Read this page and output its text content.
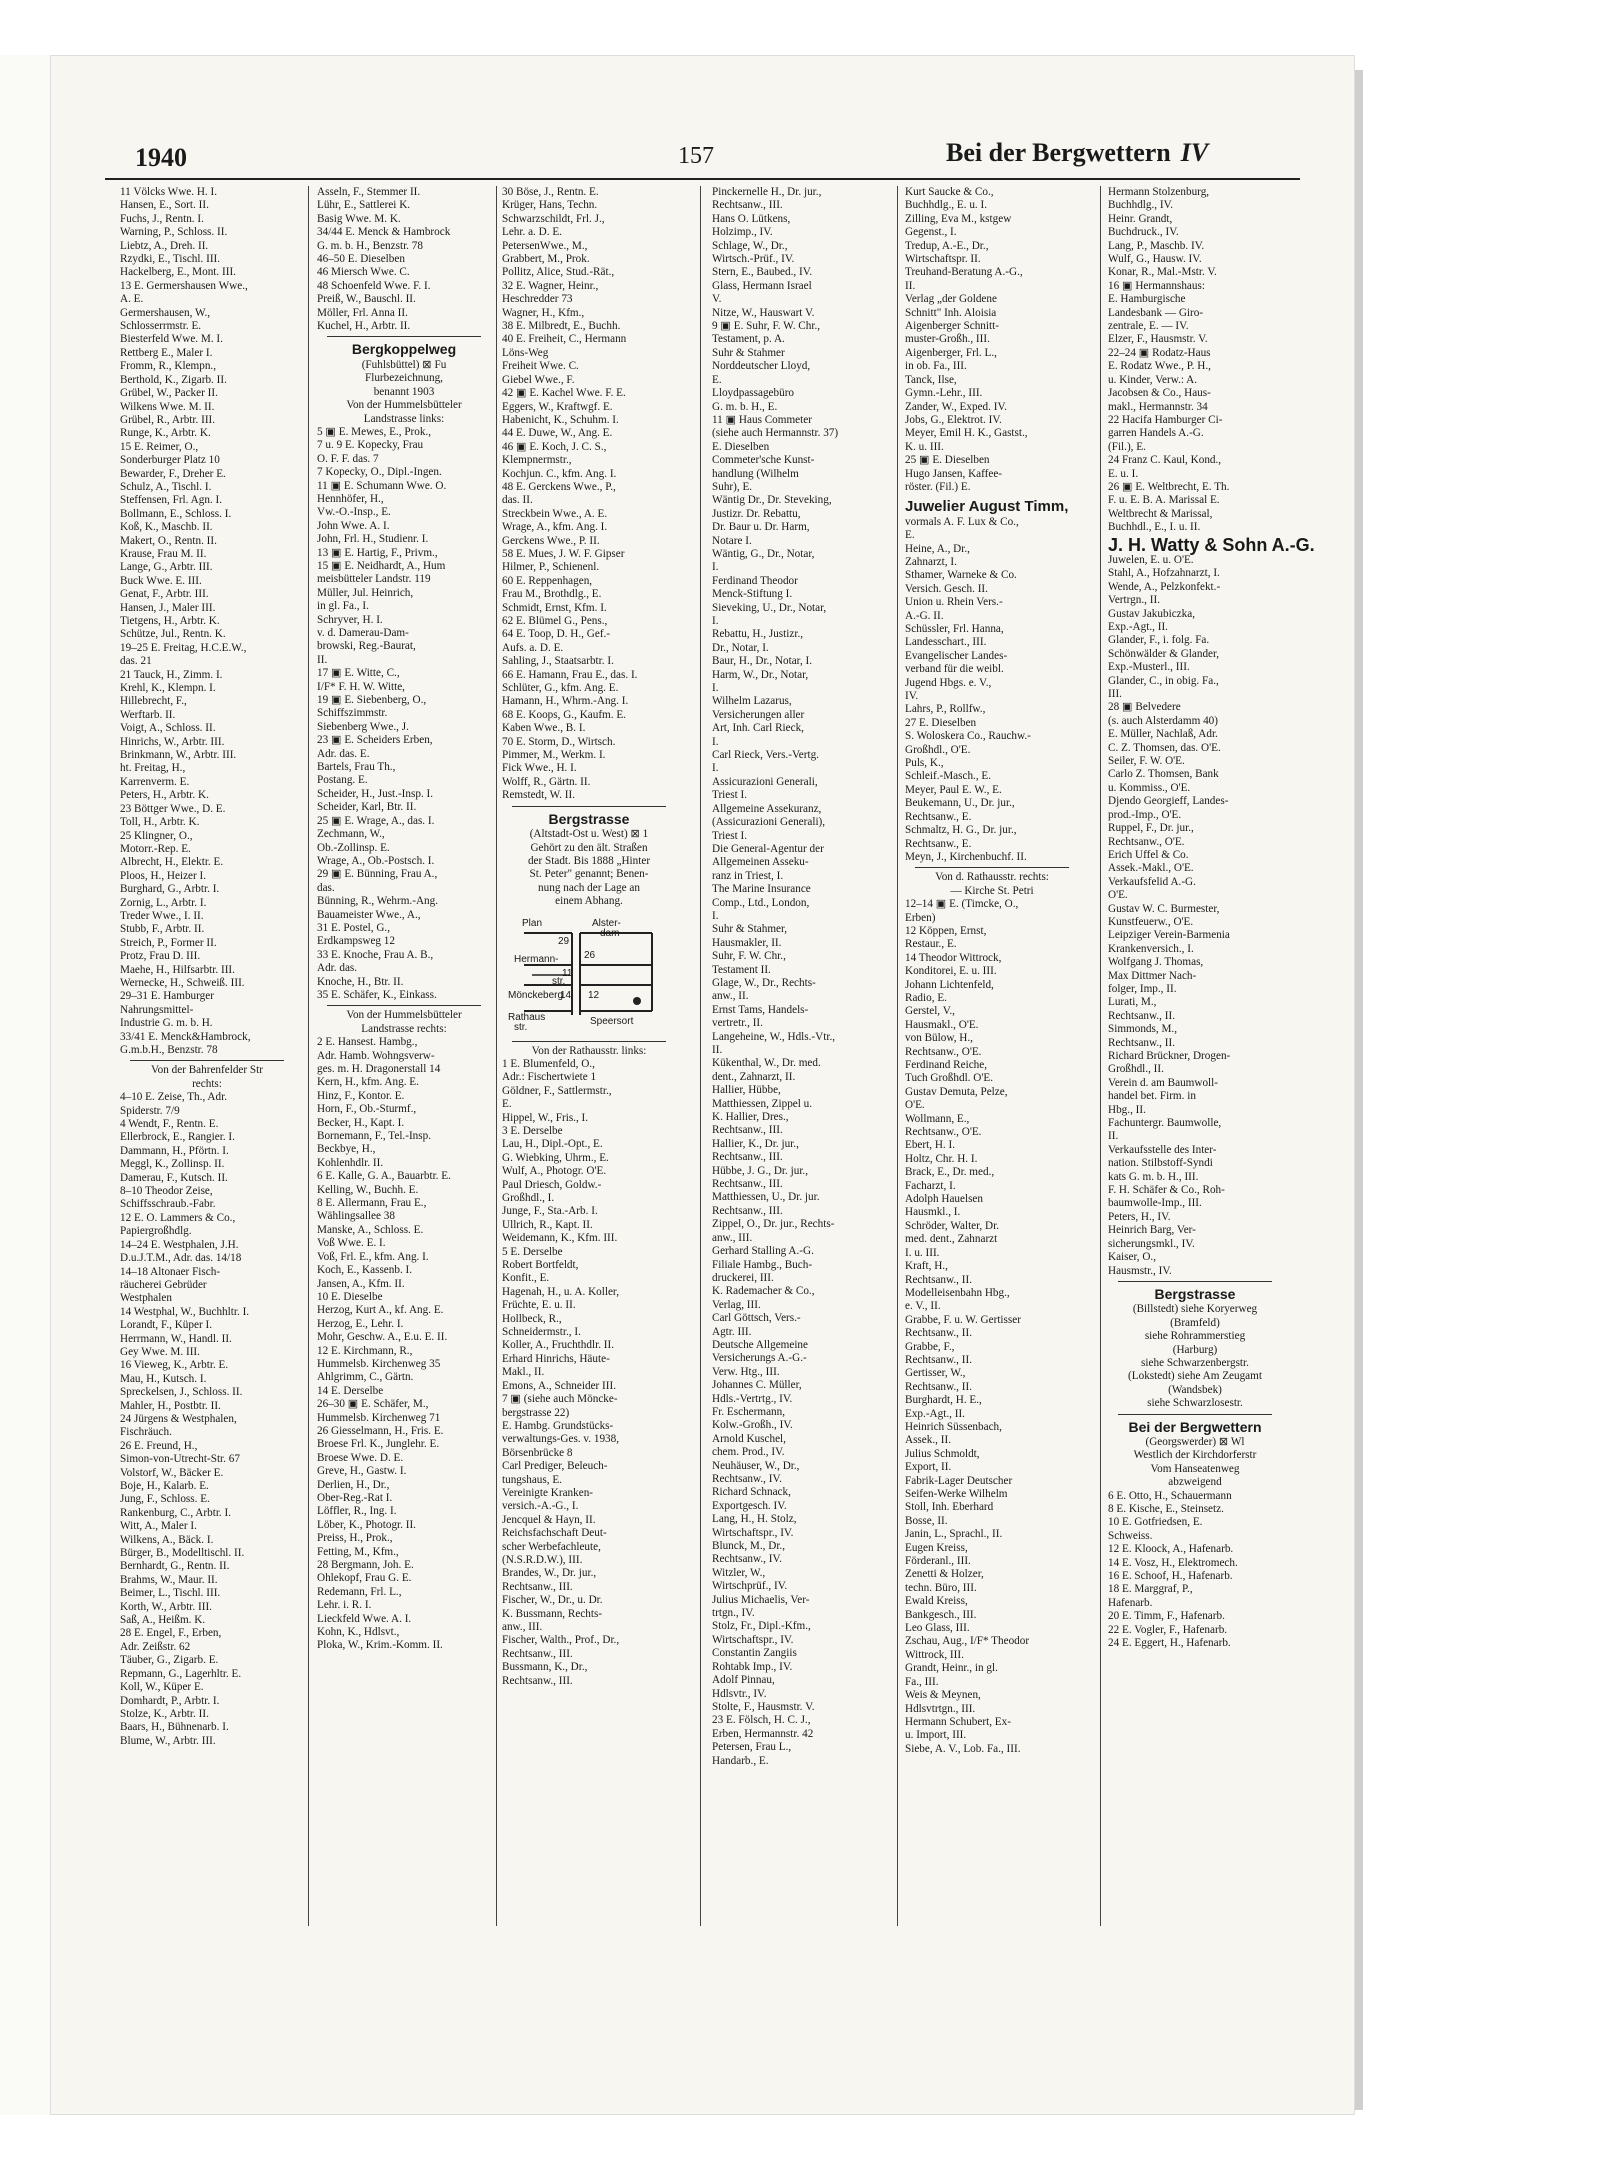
1940	157	Bei der Bergwettern IV
11 Völcks Wwe. H. I.
Hansen, E., Sort. II.
Fuchs, J., Rentn. I.
Warning, P., Schloss. II.
Liebtz, A., Dreh. II.
Rzydki, E., Tischl. III.
Hackelberg, E., Mont. III.
13 E. Germershausen Wwe.,
A. E.
Germershausen, W.,
Schlosserrmstr. E.
Biesterfeld Wwe. M. I.
Rettberg E., Maler I.
Fromm, R., Klempn.,
Berthold, K., Zigarb. II.
Grübel, W., Packer II.
Wilkens Wwe. M. II.
Grübel, R., Arbtr. III.
Runge, K., Arbtr. K.
15 E. Reimer, O.,
Sonderburger Platz 10
Bewarder, F., Dreher E.
Schulz, A., Tischl. I.
Steffensen, Frl. Agn. I.
Bollmann, E., Schloss. I.
Koß, K., Maschb. II.
Makert, O., Rentn. II.
Krause, Frau M. II.
Lange, G., Arbtr. III.
Buck Wwe. E. III.
Genat, F., Arbtr. III.
Hansen, J., Maler III.
Tietgens, H., Arbtr. K.
Schütze, Jul., Rentn. K.
19–25 E. Freitag, H.C.E.W.,
das. 21
21 Tauck, H., Zimm. I.
Krehl, K., Klempn. I.
Hillebrecht, F.,
Werftarb. II.
Voigt, A., Schloss. II.
Hinrichs, W., Arbtr. III.
Brinkmann, W., Arbtr. III.
ht. Freitag, H.,
Karrenverm. E.
Peters, H., Arbtr. K.
23 Böttger Wwe., D. E.
Toll, H., Arbtr. K.
25 Klingner, O.,
Motorr.-Rep. E.
Albrecht, H., Elektr. E.
Ploos, H., Heizer I.
Burghard, G., Arbtr. I.
Zornig, L., Arbtr. I.
Treder Wwe., I. II.
Stubb, F., Arbtr. II.
Streich, P., Former II.
Protz, Frau D. III.
Maehe, H., Hilfsarbtr. III.
Wernecke, H., Schweiß. III.
29–31 E. Hamburger
Nahrungsmittel-
Industrie G. m. b. H.
33/41 E. Menck&Hambrock,
G.m.b.H., Benzstr. 78
Von der Bahrenfelder Str
rechts:
4–10 E. Zeise, Th., Adr.
Spiderstr. 7/9
4 Wendt, F., Rentn. E.
Ellerbrock, E., Rangier. I.
Dammann, H., Pförtn. I.
Meggl, K., Zollinsp. II.
Damerau, F., Kutsch. II.
8–10 Theodor Zeise,
Schiffsschraub.-Fabr.
12 E. O. Lammers & Co.,
Papiergroßhdlg.
14–24 E. Westphalen, J.H.
D.u.J.T.M., Adr. das. 14/18
14–18 Altonaer Fisch-
räucherei Gebrüder
Westphalen
14 Westphal, W., Buchhltr. I.
Lorandt, F., Küper I.
Herrmann, W., Handl. II.
Gey Wwe. M. III.
16 Vieweg, K., Arbtr. E.
Mau, H., Kutsch. I.
Spreckelsen, J., Schloss. II.
Mahler, H., Postbtr. II.
24 Jürgens & Westphalen,
Fischräuch.
26 E. Freund, H.,
Simon-von-Utrecht-Str. 67
Volstorf, W., Bäcker E.
Boje, H., Kalarb. E.
Jung, F., Schloss. E.
Rankenburg, C., Arbtr. I.
Witt, A., Maler I.
Wilkens, A., Bäck. I.
Bürger, B., Modelltischl. II.
Bernhardt, G., Rentn. II.
Brahms, W., Maur. II.
Beimer, L., Tischl. III.
Korth, W., Arbtr. III.
Saß, A., Heißm. K.
28 E. Engel, F., Erben,
Adr. Zeißstr. 62
Täuber, G., Zigarb. E.
Repmann, G., Lagerhltr. E.
Koll, W., Küper E.
Domhardt, P., Arbtr. I.
Stolze, K., Arbtr. II.
Baars, H., Bühnenarb. I.
Blume, W., Arbtr. III.
Asseln, F., Stemmer II.
Lühr, E., Sattlerei K.
Basig Wwe. M. K.
34/44 E. Menck & Hambrock
G. m. b. H., Benzstr. 78
46–50 E. Dieselben
46 Miersch Wwe. C.
48 Schoenfeld Wwe. F. I.
Preiß, W., Bauschl. II.
Möller, Frl. Anna II.
Kuchel, H., Arbtr. II.
Bergkoppelweg
(Fuhlsbüttel) ⊠ Fu
Flurbezeichnung,
benannt 1903
Von der Hummelsbütteler
Landstrasse links:
5 ▣ E. Mewes, E., Prok.,
7 u. 9 E. Kopecky, Frau
O. F. F. das. 7
7 Kopecky, O., Dipl.-Ingen.
11 ▣ E. Schumann Wwe. O.
Hennhöfer, H.,
Vw.-O.-Insp., E.
John Wwe. A. I.
John, Frl. H., Studienr. I.
13 ▣ E. Hartig, F., Privm.,
15 ▣ E. Neidhardt, A., Hum
meisbütteler Landstr. 119
Müller, Jul. Heinrich,
in gl. Fa., I.
Schryver, H. I.
v. d. Damerau-Dam-
browski, Reg.-Baurat,
II.
17 ▣ E. Witte, C.,
I/F* F. H. W. Witte,
19 ▣ E. Siebenberg, O.,
Schiffszimmstr.
Siebenberg Wwe., J.
23 ▣ E. Scheiders Erben,
Adr. das. E.
Bartels, Frau Th.,
Postang. E.
Scheider, H., Just.-Insp. I.
Scheider, Karl, Btr. II.
25 ▣ E. Wrage, A., das. I.
Zechmann, W.,
Ob.-Zollinsp. E.
Wrage, A., Ob.-Postsch. I.
29 ▣ E. Bünning, Frau A.,
das.
Bünning, R., Wehrm.-Ang.
Bauameister Wwe., A.,
31 E. Postel, G.,
Erdkampsweg 12
33 E. Knoche, Frau A. B.,
Adr. das.
Knoche, H., Btr. II.
35 E. Schäfer, K., Einkass.
Von der Hummelsbütteler
Landstrasse rechts:
2 E. Hansest. Hambg.,
Adr. Hamb. Wohngsverw-
ges. m. H. Dragonerstall 14
Kern, H., kfm. Ang. E.
Hinz, F., Kontor. E.
Horn, F., Ob.-Sturmf.,
Becker, H., Kapt. I.
Bornemann, F., Tel.-Insp.
Beckbye, H.,
Kohlenhdlr. II.
6 E. Kalle, G. A., Bauarbtr. E.
Kelling, W., Buchh. E.
8 E. Allermann, Frau E.,
Wählingsallee 38
Manske, A., Schloss. E.
Voß Wwe. E. I.
Voß, Frl. E., kfm. Ang. I.
Koch, E., Kassenb. I.
Jansen, A., Kfm. II.
10 E. Dieselbe
Herzog, Kurt A., kf. Ang. E.
Herzog, E., Lehr. I.
Mohr, Geschw. A., E.u. E. II.
12 E. Kirchmann, R.,
Hummelsb. Kirchenweg 35
Ahlgrimm, C., Gärtn.
14 E. Derselbe
26–30 ▣ E. Schäfer, M.,
Hummelsb. Kirchenweg 71
26 Giesselmann, H., Fris. E.
Broese Frl. K., Junglehr. E.
Broese Wwe. D. E.
Greve, H., Gastw. I.
Derlien, H., Dr.,
Ober-Reg.-Rat I.
Löffler, R., Ing. I.
Löber, K., Photogr. II.
Preiss, H., Prok.,
Fetting, M., Kfm.,
28 Bergmann, Joh. E.
Ohlekopf, Frau G. E.
Redemann, Frl. L.,
Lehr. i. R. I.
Lieckfeld Wwe. A. I.
Kohn, K., Hdlsvt.,
Ploka, W., Krim.-Komm. II.
30 Böse, J., Rentn. E.
Krüger, Hans, Techn.
Schwarzschildt, Frl. J.,
Lehr. a. D. E.
PetersenWwe., M.,
Grabbert, M., Prok.
Pollitz, Alice, Stud.-Rät.,
32 E. Wagner, Heinr.,
Heschredder 73
Wagner, H., Kfm.,
38 E. Milbredt, E., Buchh.
40 E. Freiheit, C., Hermann
Löns-Weg
Freiheit Wwe. C.
Giebel Wwe., F.
42 ▣ E. Kachel Wwe. F. E.
Eggers, W., Kraftwgf. E.
Habenicht, K., Schuhm. I.
44 E. Duwe, W., Ang. E.
46 ▣ E. Koch, J. C. S.,
Klempnermstr.,
Kochjun. C., kfm. Ang. I.
48 E. Gerckens Wwe., P.,
das. II.
Streckbein Wwe., A. E.
Wrage, A., kfm. Ang. I.
Gerckens Wwe., P. II.
58 E. Mues, J. W. F. Gipser
Hilmer, P., Schienenl.
60 E. Reppenhagen,
Frau M., Brothdlg., E.
Schmidt, Ernst, Kfm. I.
62 E. Blümel G., Pens.,
64 E. Toop, D. H., Gef.-
Aufs. a. D. E.
Sahling, J., Staatsarbtr. I.
66 E. Hamann, Frau E., das. I.
Schlüter, G., kfm. Ang. E.
Hamann, H., Whrm.-Ang. I.
68 E. Koops, G., Kaufm. E.
Kaben Wwe., B. I.
70 E. Storm, D., Wirtsch.
Pimmer, M., Werkm. I.
Fick Wwe., H. I.
Wolff, R., Gärtn. II.
Remstedt, W. II.
Bergstrasse
(Altstadt-Ost u. West) ⊠ 1
Gehört zu den ält. Straßen
der Stadt. Bis 1888 „Hinter
St. Peter" genannt; Benen-
nung nach der Lage an
einem Abhang.
Plan
29
Alster-
dam
26
Hermann-
11
str.
Mönckeberg
14 12
Rathaus
str.
Speersort
Von der Rathausstr. links:
1 E. Blumenfeld, O.,
Adr.: Fischertwiete 1
Göldner, F., Sattlermstr.,
E.
Hippel, W., Fris., I.
3 E. Derselbe
Lau, H., Dipl.-Opt., E.
G. Wiebking, Uhrm., E.
Wulf, A., Photogr. O'E.
Paul Driesch, Goldw.-
Großhdl., I.
Junge, F., Sta.-Arb. I.
Ullrich, R., Kapt. II.
Weidemann, K., Kfm. III.
5 E. Derselbe
Robert Bortfeldt,
Konfit., E.
Hagenah, H., u. A. Koller,
Früchte, E. u. II.
Hollbeck, R.,
Schneidermstr., I.
Koller, A., Fruchthdlr. II.
Erhard Hinrichs, Häute-
Makl., II.
Emons, A., Schneider III.
7 ▣ (siehe auch Möncke-
bergstrasse 22)
E. Hambg. Grundstücks-
verwaltungs-Ges. v. 1938,
Börsenbrücke 8
Carl Prediger, Beleuch-
tungshaus, E.
Vereinigte Kranken-
versich.-A.-G., I.
Jencquel & Hayn, II.
Reichsfachschaft Deut-
scher Werbefachleute,
(N.S.R.D.W.), III.
Brandes, W., Dr. jur.,
Rechtsanw., III.
Fischer, W., Dr., u. Dr.
K. Bussmann, Rechts-
anw., III.
Fischer, Walth., Prof., Dr.,
Rechtsanw., III.
Bussmann, K., Dr.,
Rechtsanw., III.
Pinckernelle H., Dr. jur.,
Rechtsanw., III.
Hans O. Lütkens,
Holzimp., IV.
Schlage, W., Dr.,
Wirtsch.-Prüf., IV.
Stern, E., Baubed., IV.
Glass, Hermann Israel
V.
Nitze, W., Hauswart V.
9 ▣ E. Suhr, F. W. Chr.,
Testament, p. A.
Suhr & Stahmer
Norddeutscher Lloyd,
E.
Lloydpassagebüro
G. m. b. H., E.
11 ▣ Haus Commeter
(siehe auch Hermannstr. 37)
E. Dieselben
Commeter'sche Kunst-
handlung (Wilhelm
Suhr), E.
Wäntig Dr., Dr. Steveking,
Justizr. Dr. Rebattu,
Dr. Baur u. Dr. Harm,
Notare I.
Wäntig, G., Dr., Notar,
I.
Ferdinand Theodor
Menck-Stiftung I.
Sieveking, U., Dr., Notar,
I.
Rebattu, H., Justizr.,
Dr., Notar, I.
Baur, H., Dr., Notar, I.
Harm, W., Dr., Notar,
I.
Wilhelm Lazarus,
Versicherungen aller
Art, Inh. Carl Rieck,
I.
Carl Rieck, Vers.-Vertg.
I.
Assicurazioni Generali,
Triest I.
Allgemeine Assekuranz,
(Assicurazioni Generali),
Triest I.
Die General-Agentur der
Allgemeinen Asseku-
ranz in Triest, I.
The Marine Insurance
Comp., Ltd., London,
I.
Suhr & Stahmer,
Hausmakler, II.
Suhr, F. W. Chr.,
Testament II.
Glage, W., Dr., Rechts-
anw., II.
Ernst Tams, Handels-
vertretr., II.
Langeheine, W., Hdls.-Vtr.,
II.
Kükenthal, W., Dr. med.
dent., Zahnarzt, II.
Hallier, Hübbe,
Matthiessen, Zippel u.
K. Hallier, Dres.,
Rechtsanw., III.
Hallier, K., Dr. jur.,
Rechtsanw., III.
Hübbe, J. G., Dr. jur.,
Rechtsanw., III.
Matthiessen, U., Dr. jur.
Rechtsanw., III.
Zippel, O., Dr. jur., Rechts-
anw., III.
Gerhard Stalling A.-G.
Filiale Hambg., Buch-
druckerei, III.
K. Rademacher & Co.,
Verlag, III.
Carl Göttsch, Vers.-
Agtr. III.
Deutsche Allgemeine
Versicherungs A.-G.-
Verw. Htg., III.
Johannes C. Müller,
Hdls.-Vertrtg., IV.
Fr. Eschermann,
Kolw.-Großh., IV.
Arnold Kuschel,
chem. Prod., IV.
Neuhäuser, W., Dr.,
Rechtsanw., IV.
Richard Schnack,
Exportgesch. IV.
Lang, H., H. Stolz,
Wirtschaftspr., IV.
Blunck, M., Dr.,
Rechtsanw., IV.
Witzler, W.,
Wirtschprüf., IV.
Julius Michaelis, Ver-
trtgn., IV.
Stolz, Fr., Dipl.-Kfm.,
Wirtschaftspr., IV.
Constantin Zangiis
Rohtabk Imp., IV.
Adolf Pinnau,
Hdlsvtr., IV.
Stolte, F., Hausmstr. V.
23 E. Fölsch, H. C. J.,
Erben, Hermannstr. 42
Petersen, Frau L.,
Handarb., E.
Kurt Saucke & Co.,
Buchhdlg., E. u. I.
Zilling, Eva M., kstgew
Gegenst., I.
Tredup, A.-E., Dr.,
Wirtschaftspr. II.
Treuhand-Beratung A.-G.,
II.
Verlag „der Goldene
Schnitt" Inh. Aloisia
Aigenberger Schnitt-
muster-Großh., III.
Aigenberger, Frl. L.,
in ob. Fa., III.
Tanck, Ilse,
Gymn.-Lehr., III.
Zander, W., Exped. IV.
Jobs, G., Elektrot. IV.
Meyer, Emil H. K., Gastst.,
K. u. III.
25 ▣ E. Dieselben
Hugo Jansen, Kaffee-
röster. (Fil.) E.
Juwelier August Timm,
vormals A. F. Lux & Co.,
E.
Heine, A., Dr.,
Zahnarzt, I.
Sthamer, Warneke & Co.
Versich. Gesch. II.
Union u. Rhein Vers.-
A.-G. II.
Schüssler, Frl. Hanna,
Landesschart., III.
Evangelischer Landes-
verband für die weibl.
Jugend Hbgs. e. V.,
IV.
Lahrs, P., Rollfw.,
27 E. Dieselben
S. Woloskera Co., Rauchw.-
Großhdl., O'E.
Puls, K.,
Schleif.-Masch., E.
Meyer, Paul E. W., E.
Beukemann, U., Dr. jur.,
Rechtsanw., E.
Schmaltz, H. G., Dr. jur.,
Rechtsanw., E.
Meyn, J., Kirchenbuchf. II.
Von d. Rathausstr. rechts:
— Kirche St. Petri
12–14 ▣ E. (Timcke, O.,
Erben)
12 Köppen, Ernst,
Restaur., E.
14 Theodor Wittrock,
Konditorei, E. u. III.
Johann Lichtenfeld,
Radio, E.
Gerstel, V.,
Hausmakl., O'E.
von Bülow, H.,
Rechtsanw., O'E.
Ferdinand Reiche,
Tuch Großhdl. O'E.
Gustav Demuta, Pelze,
O'E.
Wollmann, E.,
Rechtsanw., O'E.
Ebert, H. I.
Holtz, Chr. H. I.
Brack, E., Dr. med.,
Facharzt, I.
Adolph Hauelsen
Hausmkl., I.
Schröder, Walter, Dr.
med. dent., Zahnarzt
I. u. III.
Kraft, H.,
Rechtsanw., II.
Modelleisenbahn Hbg.,
e. V., II.
Grabbe, F. u. W. Gertisser
Rechtsanw., II.
Grabbe, F.,
Rechtsanw., II.
Gertisser, W.,
Rechtsanw., II.
Burghardt, H. E.,
Exp.-Agt., II.
Heinrich Süssenbach,
Assek., II.
Julius Schmoldt,
Export, II.
Fabrik-Lager Deutscher
Seifen-Werke Wilhelm
Stoll, Inh. Eberhard
Bosse, II.
Janin, L., Sprachl., II.
Eugen Kreiss,
Förderanl., III.
Zenetti & Holzer,
techn. Büro, III.
Ewald Kreiss,
Bankgesch., III.
Leo Glass, III.
Zschau, Aug., I/F* Theodor
Wittrock, III.
Grandt, Heinr., in gl.
Fa., III.
Weis & Meynen,
Hdlsvtrtgn., III.
Hermann Schubert, Ex-
u. Import, III.
Siebe, A. V., Lob. Fa., III.
Hermann Stolzenburg,
Buchhdlg., IV.
Heinr. Grandt,
Buchdruck., IV.
Lang, P., Maschb. IV.
Wulf, G., Hausw. IV.
Konar, R., Mal.-Mstr. V.
16 ▣ Hermannshaus:
E. Hamburgische
Landesbank — Giro-
zentrale, E. — IV.
Elzer, F., Hausmstr. V.
22–24 ▣ Rodatz-Haus
E. Rodatz Wwe., P. H.,
u. Kinder, Verw.: A.
Jacobsen & Co., Haus-
makl., Hermannstr. 34
22 Hacifa Hamburger Ci-
garren Handels A.-G.
(Fil.), E.
24 Franz C. Kaul, Kond.,
E. u. I.
26 ▣ E. Weltbrecht, E. Th.
F. u. E. B. A. Marissal E.
Weltbrecht & Marissal,
Buchhdl., E., I. u. II.
J. H. Watty & Sohn A.-G.
Juwelen, E. u. O'E.
Stahl, A., Hofzahnarzt, I.
Wende, A., Pelzkonfekt.-
Vertrgn., II.
Gustav Jakubiczka,
Exp.-Agt., II.
Glander, F., i. folg. Fa.
Schönwälder & Glander,
Exp.-Musterl., III.
Glander, C., in obig. Fa.,
III.
28 ▣ Belvedere
(s. auch Alsterdamm 40)
E. Müller, Nachlaß, Adr.
C. Z. Thomsen, das. O'E.
Seiler, F. W. O'E.
Carlo Z. Thomsen, Bank
u. Kommiss., O'E.
Djendo Georgieff, Landes-
prod.-Imp., O'E.
Ruppel, F., Dr. jur.,
Rechtsanw., O'E.
Erich Uffel & Co.
Assek.-Makl., O'E.
Verkaufsfelid A.-G.
O'E.
Gustav W. C. Burmester,
Kunstfeuerw., O'E.
Leipziger Verein-Barmenia
Krankenversich., I.
Wolfgang J. Thomas,
Max Dittmer Nach-
folger, Imp., II.
Lurati, M.,
Rechtsanw., II.
Simmonds, M.,
Rechtsanw., II.
Richard Brückner, Drogen-
Großhdl., II.
Verein d. am Baumwoll-
handel bet. Firm. in
Hbg., II.
Fachuntergr. Baumwolle,
II.
Verkaufsstelle des Inter-
nation. Stilbstoff-Syndi
kats G. m. b. H., III.
F. H. Schäfer & Co., Roh-
baumwolle-Imp., III.
Peters, H., IV.
Heinrich Barg, Ver-
sicherungsmkl., IV.
Kaiser, O.,
Hausmstr., IV.
Bergstrasse
(Billstedt) siehe Koryerweg
(Bramfeld)
siehe Rohrammerstieg
(Harburg)
siehe Schwarzenbergstr.
(Lokstedt) siehe Am Zeugamt
(Wandsbek)
siehe Schwarzlosestr.
Bei der Bergwettern
(Georgswerder) ⊠ Wl
Westlich der Kirchdorferstr
Vom Hanseatenweg
abzweigend
6 E. Otto, H., Schauermann
8 E. Kische, E., Steinsetz.
10 E. Gotfriedsen, E.
Schweiss.
12 E. Kloock, A., Hafenarb.
14 E. Vosz, H., Elektromech.
16 E. Schoof, H., Hafenarb.
18 E. Marggraf, P.,
Hafenarb.
20 E. Timm, F., Hafenarb.
22 E. Vogler, F., Hafenarb.
24 E. Eggert, H., Hafenarb.
